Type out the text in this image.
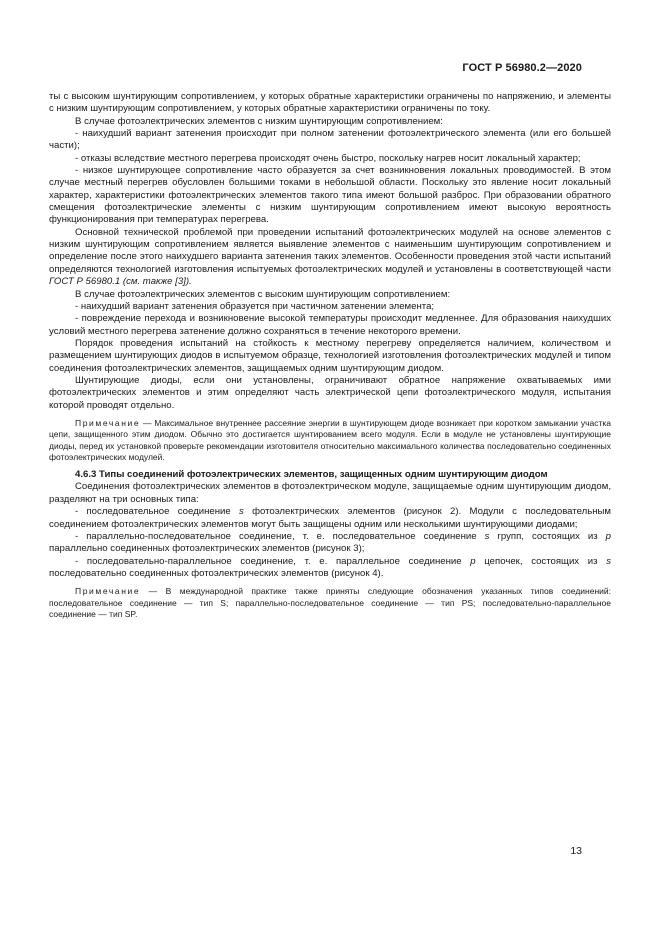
ГОСТ Р 56980.2—2020

ты с высоким шунтирующим сопротивлением, у которых обратные характеристики ограничены по напряжению, и элементы с низким шунтирующим сопротивлением, у которых обратные характеристики ограничены по току.

В случае фотоэлектрических элементов с низким шунтирующим сопротивлением:

- наихудший вариант затенения происходит при полном затенении фотоэлектрического элемента (или его большей части);

- отказы вследствие местного перегрева происходят очень быстро, поскольку нагрев носит локальный характер;

- низкое шунтирующее сопротивление часто образуется за счет возникновения локальных проводимостей. В этом случае местный перегрев обусловлен большими токами в небольшой области. Поскольку это явление носит локальный характер, характеристики фотоэлектрических элементов такого типа имеют большой разброс. При образовании обратного смещения фотоэлектрические элементы с низким шунтирующим сопротивлением имеют высокую вероятность функционирования при температурах перегрева.

Основной технической проблемой при проведении испытаний фотоэлектрических модулей на основе элементов с низким шунтирующим сопротивлением является выявление элементов с наименьшим шунтирующим сопротивлением и определение после этого наихудшего варианта затенения таких элементов. Особенности проведения этой части испытаний определяются технологией изготовления испытуемых фотоэлектрических модулей и установлены в соответствующей части ГОСТ Р 56980.1 (см. также [3]).

В случае фотоэлектрических элементов с высоким шунтирующим сопротивлением:

- наихудший вариант затенения образуется при частичном затенении элемента;

- повреждение перехода и возникновение высокой температуры происходит медленнее. Для образования наихудших условий местного перегрева затенение должно сохраняться в течение некоторого времени.

Порядок проведения испытаний на стойкость к местному перегреву определяется наличием, количеством и размещением шунтирующих диодов в испытуемом образце, технологией изготовления фотоэлектрических модулей и типом соединения фотоэлектрических элементов, защищаемых одним шунтирующим диодом.

Шунтирующие диоды, если они установлены, ограничивают обратное напряжение охватываемых ими фотоэлектрических элементов и этим определяют часть электрической цепи фотоэлектрического модуля, испытания которой проводят отдельно.

Примечание — Максимальное внутреннее рассеяние энергии в шунтирующем диоде возникает при коротком замыкании участка цепи, защищенного этим диодом. Обычно это достигается шунтированием всего модуля. Если в модуле не установлены шунтирующие диоды, перед их установкой проверьте рекомендации изготовителя относительно максимального количества последовательно соединенных фотоэлектрических модулей.

4.6.3 Типы соединений фотоэлектрических элементов, защищенных одним шунтирующим диодом

Соединения фотоэлектрических элементов в фотоэлектрическом модуле, защищаемые одним шунтирующим диодом, разделяют на три основных типа:

- последовательное соединение s фотоэлектрических элементов (рисунок 2). Модули с последовательным соединением фотоэлектрических элементов могут быть защищены одним или несколькими шунтирующими диодами;

- параллельно-последовательное соединение, т. е. последовательное соединение s групп, состоящих из p параллельно соединенных фотоэлектрических элементов (рисунок 3);

- последовательно-параллельное соединение, т. е. параллельное соединение p цепочек, состоящих из s последовательно соединенных фотоэлектрических элементов (рисунок 4).

Примечание — В международной практике также приняты следующие обозначения указанных типов соединений: последовательное соединение — тип S; параллельно-последовательное соединение — тип PS; последовательно-параллельное соединение — тип SP.

13
